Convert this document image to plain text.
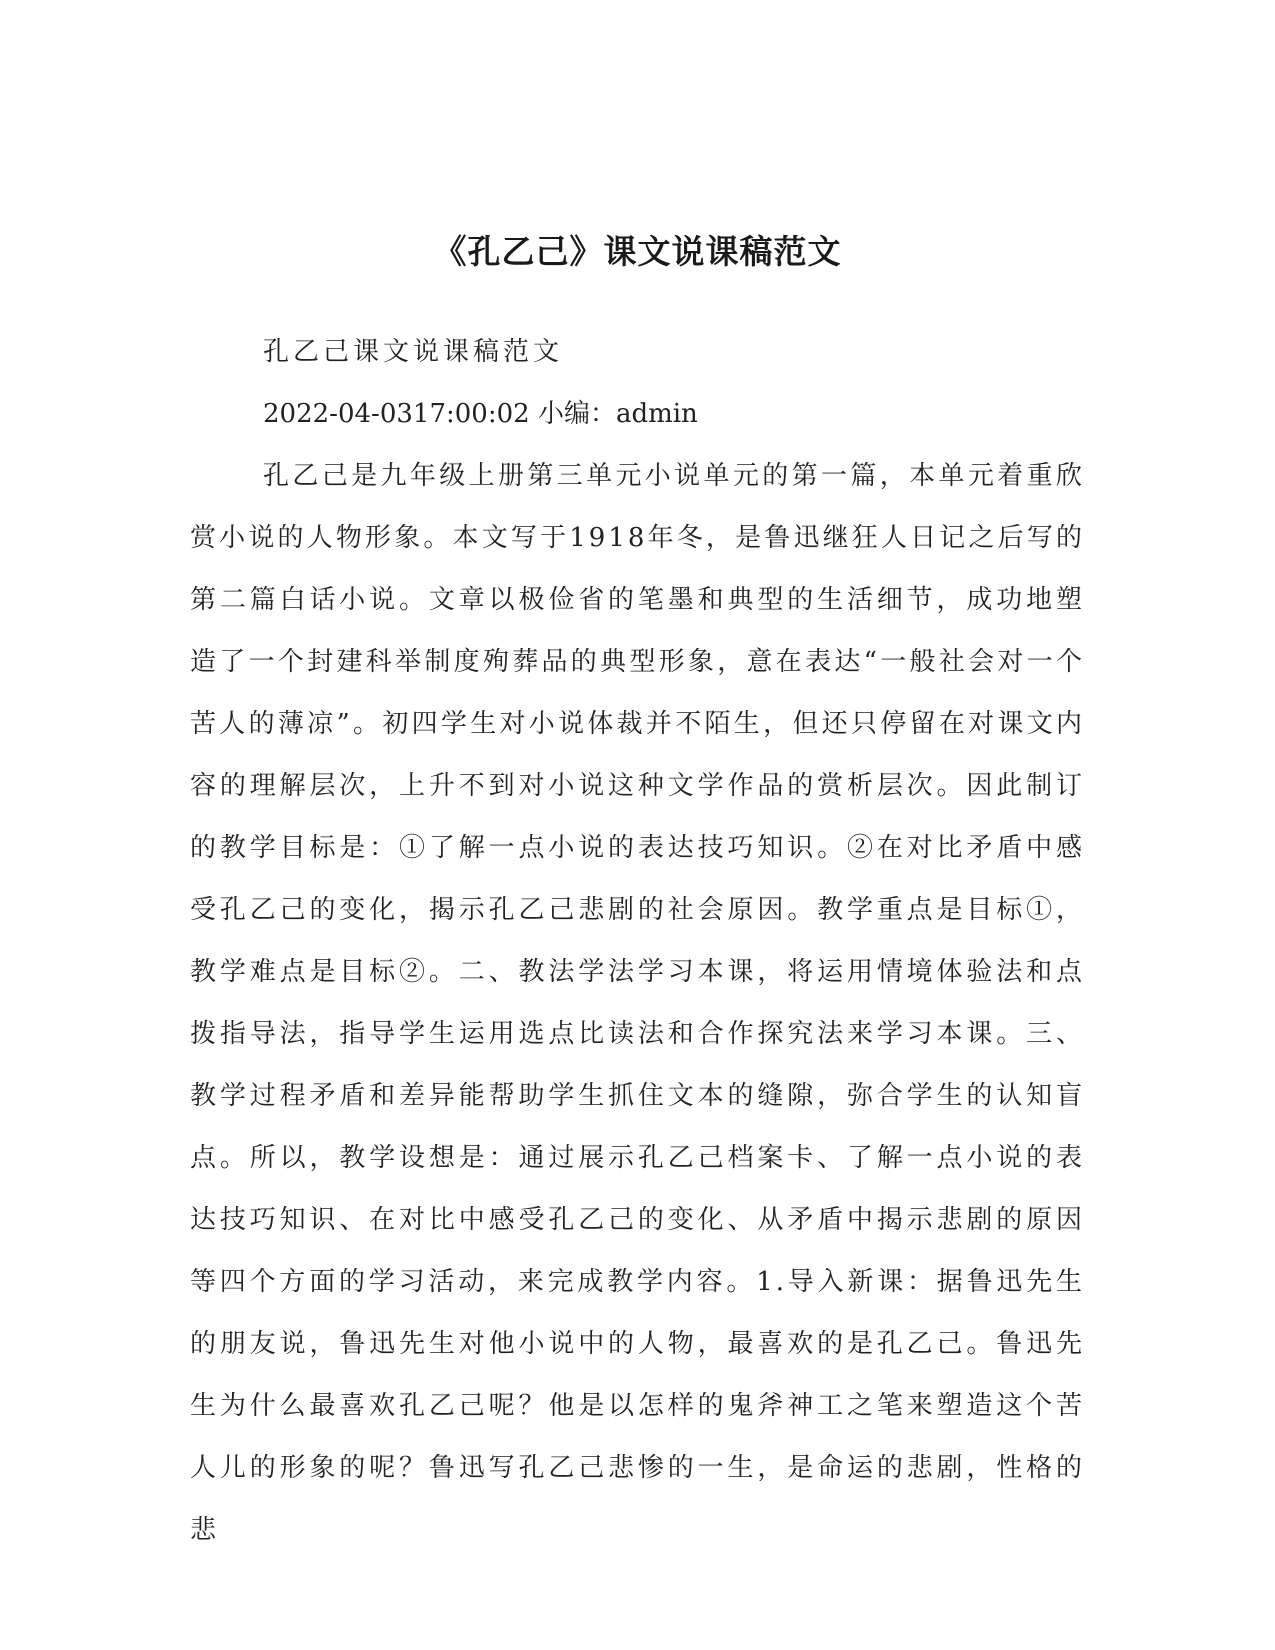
《孔乙己》课文说课稿范文
孔乙己课文说课稿范文
2022-04-0317:00:02 小编：admin

孔乙己是九年级上册第三单元小说单元的第一篇，本单元着重欣赏小说的人物形象。本文写于1918年冬，是鲁迅继狂人日记之后写的第二篇白话小说。文章以极俭省的笔墨和典型的生活细节，成功地塑造了一个封建科举制度殉葬品的典型形象，意在表达“一般社会对一个苦人的薄凉”。初四学生对小说体裁并不陌生，但还只停留在对课文内容的理解层次，上升不到对小说这种文学作品的赏析层次。因此制订的教学目标是：①了解一点小说的表达技巧知识。②在对比矛盾中感受孔乙己的变化，揭示孔乙己悲剧的社会原因。教学重点是目标①，教学难点是目标②。二、教法学法学习本课，将运用情境体验法和点拨指导法，指导学生运用选点比读法和合作探究法来学习本课。三、教学过程矛盾和差异能帮助学生抓住文本的缝隙，弥合学生的认知盲点。所以，教学设想是：通过展示孔乙己档案卡、了解一点小说的表达技巧知识、在对比中感受孔乙己的变化、从矛盾中揭示悲剧的原因等四个方面的学习活动，来完成教学内容。1.导入新课：据鲁迅先生的朋友说，鲁迅先生对他小说中的人物，最喜欢的是孔乙己。鲁迅先生为什么最喜欢孔乙己呢？他是以怎样的鬼斧神工之笔来塑造这个苦人儿的形象的呢？鲁迅写孔乙己悲惨的一生，是命运的悲剧，性格的悲
